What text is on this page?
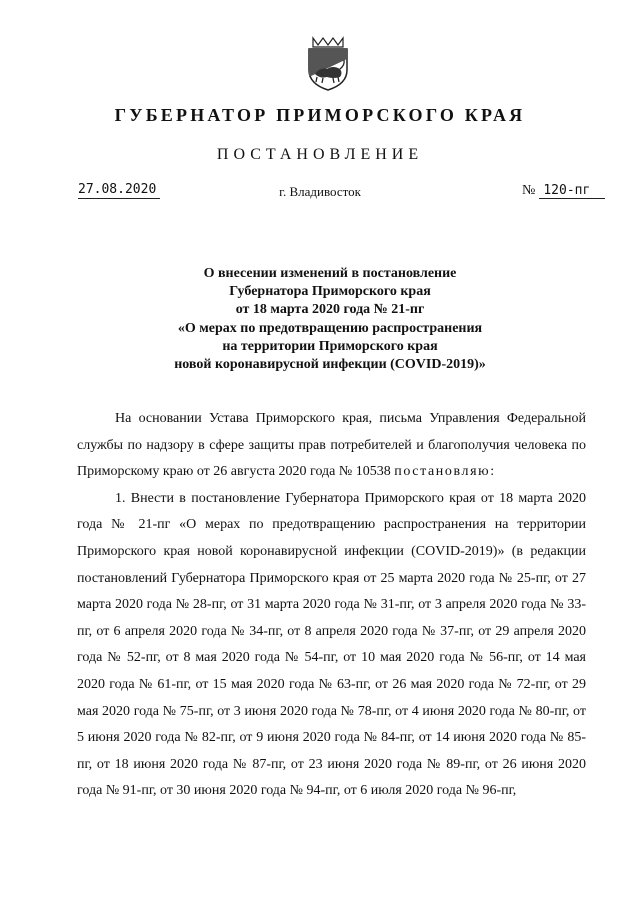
ГУБЕРНАТОР ПРИМОРСКОГО КРАЯ
ПОСТАНОВЛЕНИЕ
27.08.2020	г. Владивосток	№ 120-пг
О внесении изменений в постановление
Губернатора Приморского края
от 18 марта 2020 года № 21-пг
«О мерах по предотвращению распространения
на территории Приморского края
новой коронавирусной инфекции (COVID-2019)»

На основании Устава Приморского края, письма Управления Федеральной службы по надзору в сфере защиты прав потребителей и благополучия человека по Приморскому краю от 26 августа 2020 года № 10538 постановляю:

1. Внести в постановление Губернатора Приморского края от 18 марта 2020 года № 21-пг «О мерах по предотвращению распространения на территории Приморского края новой коронавирусной инфекции (COVID-2019)» (в редакции постановлений Губернатора Приморского края от 25 марта 2020 года № 25-пг, от 27 марта 2020 года № 28-пг, от 31 марта 2020 года № 31-пг, от 3 апреля 2020 года № 33-пг, от 6 апреля 2020 года № 34-пг, от 8 апреля 2020 года № 37-пг, от 29 апреля 2020 года № 52-пг, от 8 мая 2020 года № 54-пг, от 10 мая 2020 года № 56-пг, от 14 мая 2020 года № 61-пг, от 15 мая 2020 года № 63-пг, от 26 мая 2020 года № 72-пг, от 29 мая 2020 года № 75-пг, от 3 июня 2020 года № 78-пг, от 4 июня 2020 года № 80-пг, от 5 июня 2020 года № 82-пг, от 9 июня 2020 года № 84-пг, от 14 июня 2020 года № 85-пг, от 18 июня 2020 года № 87-пг, от 23 июня 2020 года № 89-пг, от 26 июня 2020 года № 91-пг, от 30 июня 2020 года № 94-пг, от 6 июля 2020 года № 96-пг,
